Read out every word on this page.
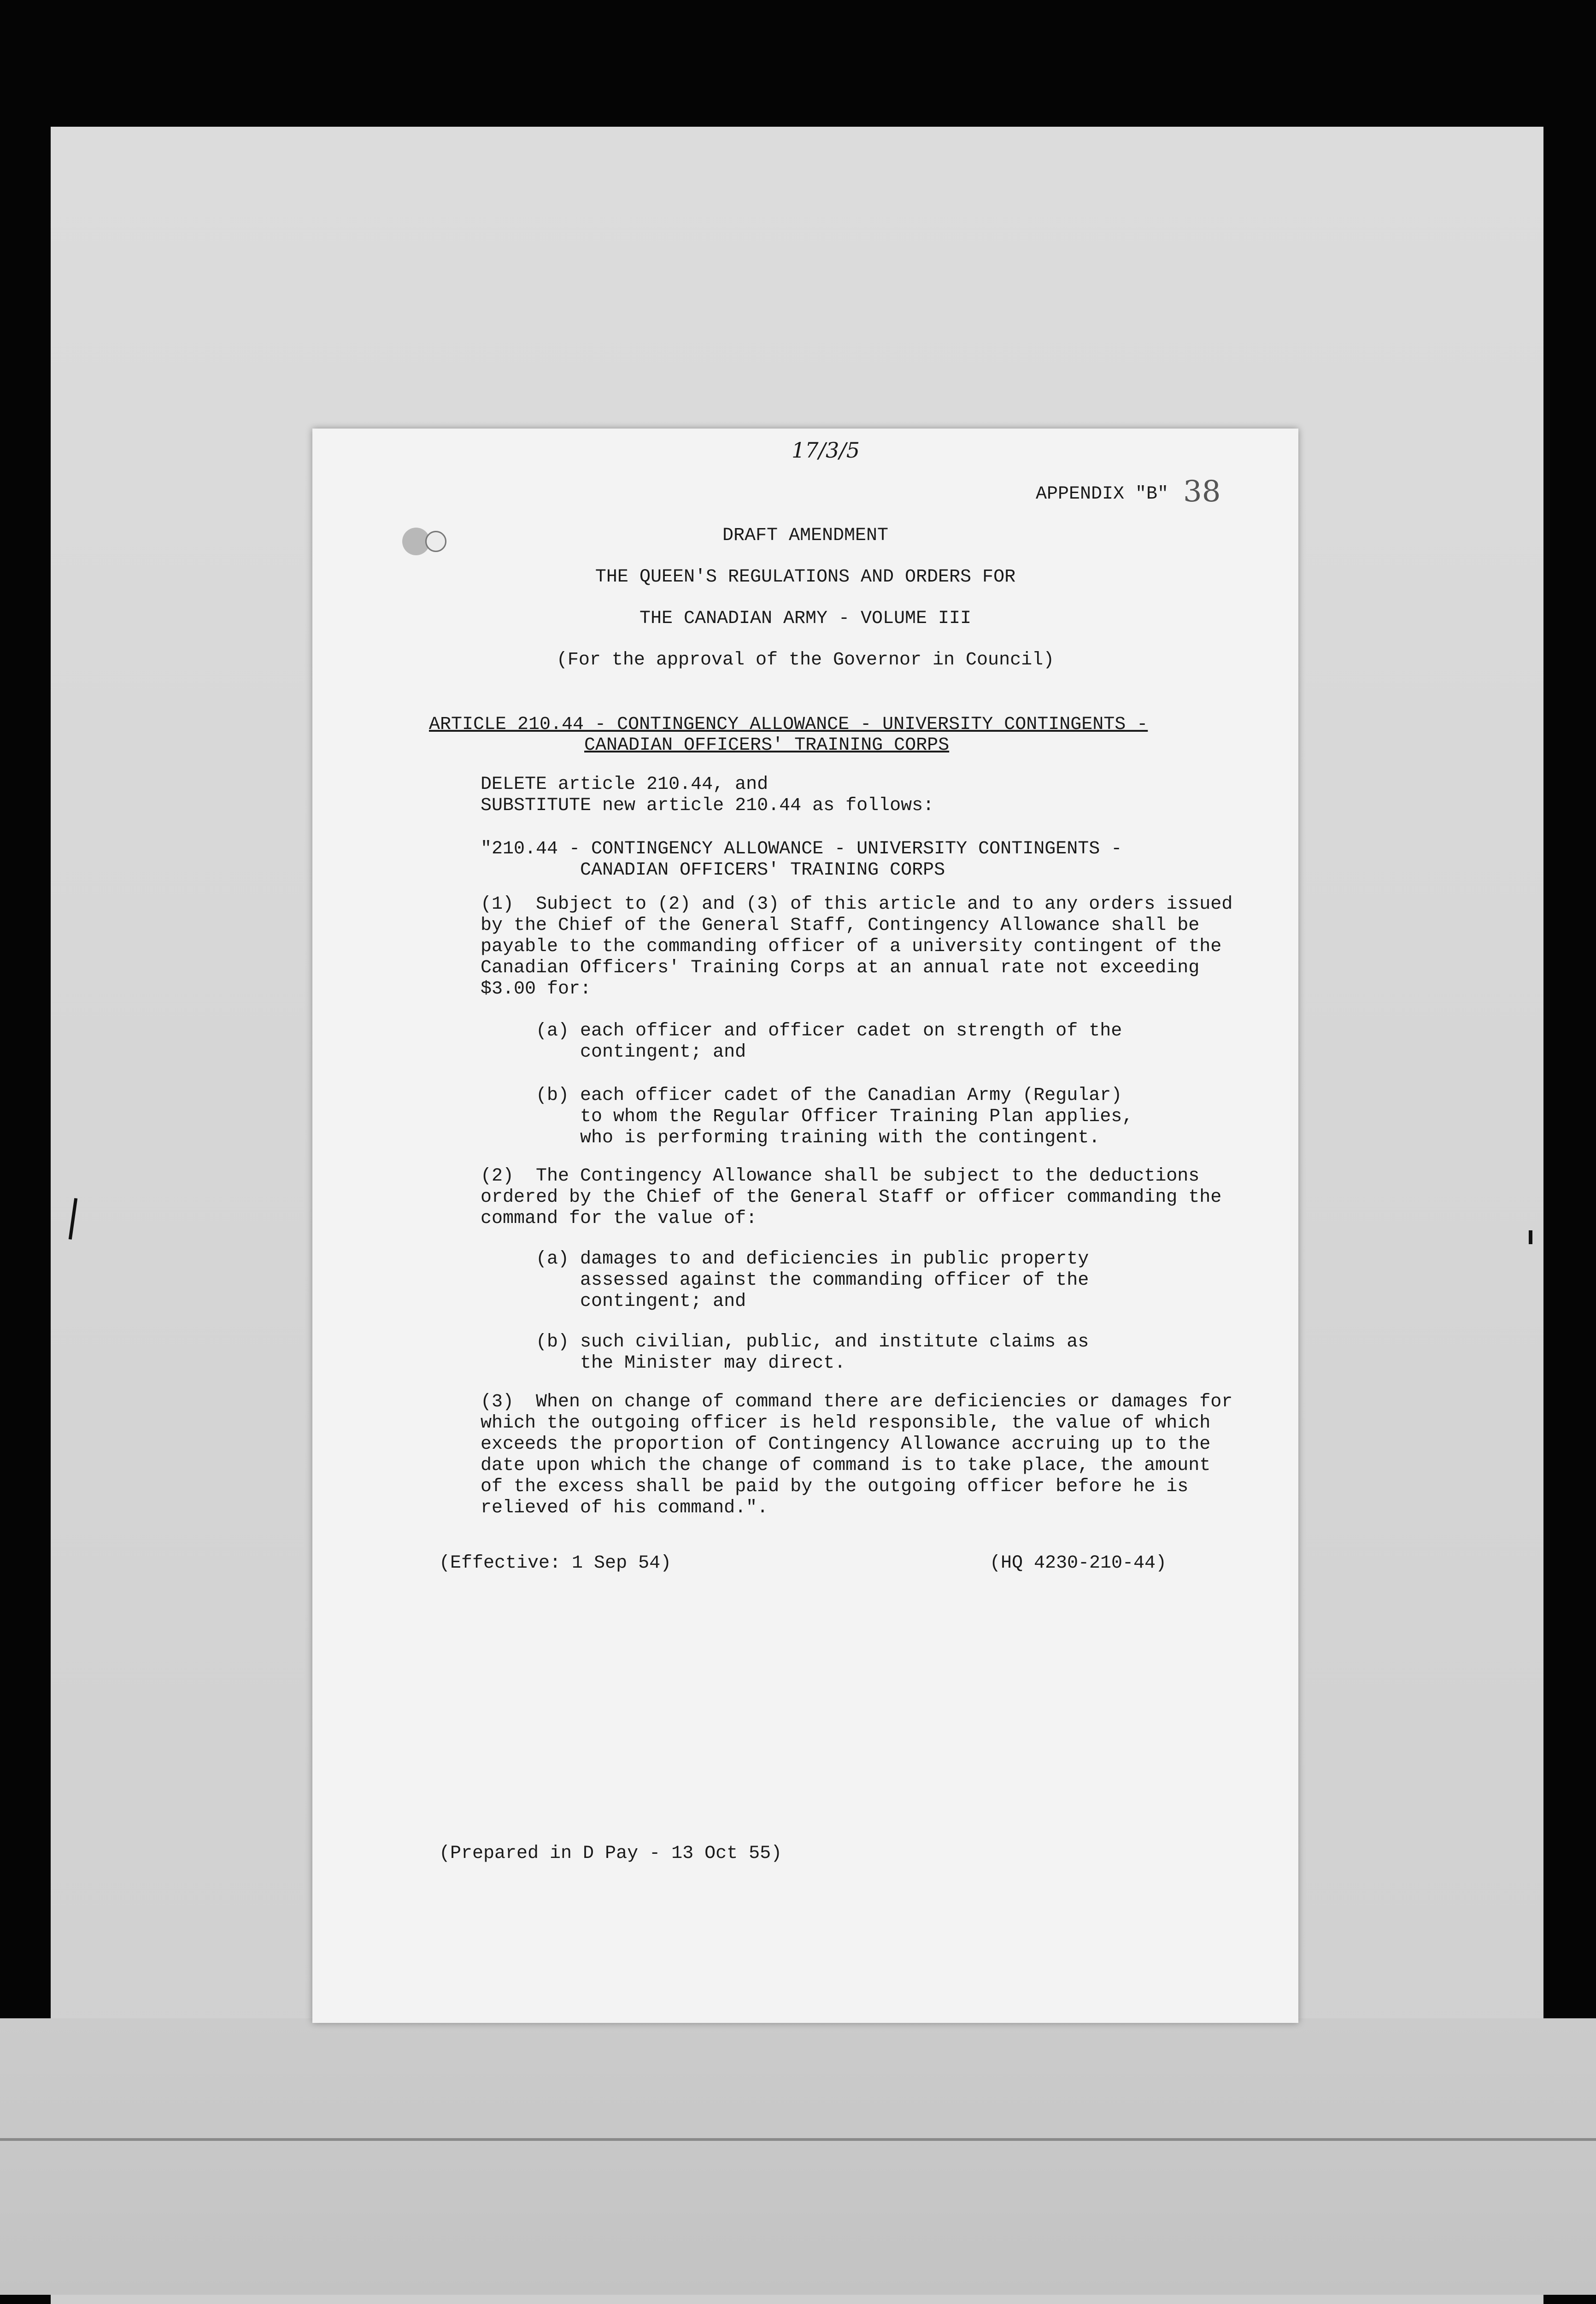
17/3/5
APPENDIX "B" 38
DRAFT AMENDMENT
THE QUEEN'S REGULATIONS AND ORDERS FOR
THE CANADIAN ARMY - VOLUME III
(For the approval of the Governor in Council)
ARTICLE 210.44 - CONTINGENCY ALLOWANCE - UNIVERSITY CONTINGENTS -
CANADIAN OFFICERS' TRAINING CORPS
DELETE article 210.44, and
SUBSTITUTE new article 210.44 as follows:
"210.44 - CONTINGENCY ALLOWANCE - UNIVERSITY CONTINGENTS -
CANADIAN OFFICERS' TRAINING CORPS
(1)  Subject to (2) and (3) of this article and to any orders issued
by the Chief of the General Staff, Contingency Allowance shall be
payable to the commanding officer of a university contingent of the
Canadian Officers' Training Corps at an annual rate not exceeding
$3.00 for:
(a) each officer and officer cadet on strength of the
contingent; and
(b) each officer cadet of the Canadian Army (Regular)
to whom the Regular Officer Training Plan applies,
who is performing training with the contingent.
(2)  The Contingency Allowance shall be subject to the deductions
ordered by the Chief of the General Staff or officer commanding the
command for the value of:
(a) damages to and deficiencies in public property
assessed against the commanding officer of the
contingent; and
(b) such civilian, public, and institute claims as
the Minister may direct.
(3)  When on change of command there are deficiencies or damages for
which the outgoing officer is held responsible, the value of which
exceeds the proportion of Contingency Allowance accruing up to the
date upon which the change of command is to take place, the amount
of the excess shall be paid by the outgoing officer before he is
relieved of his command.".
(Effective: 1 Sep 54)	(HQ 4230-210-44)
(Prepared in D Pay - 13 Oct 55)
